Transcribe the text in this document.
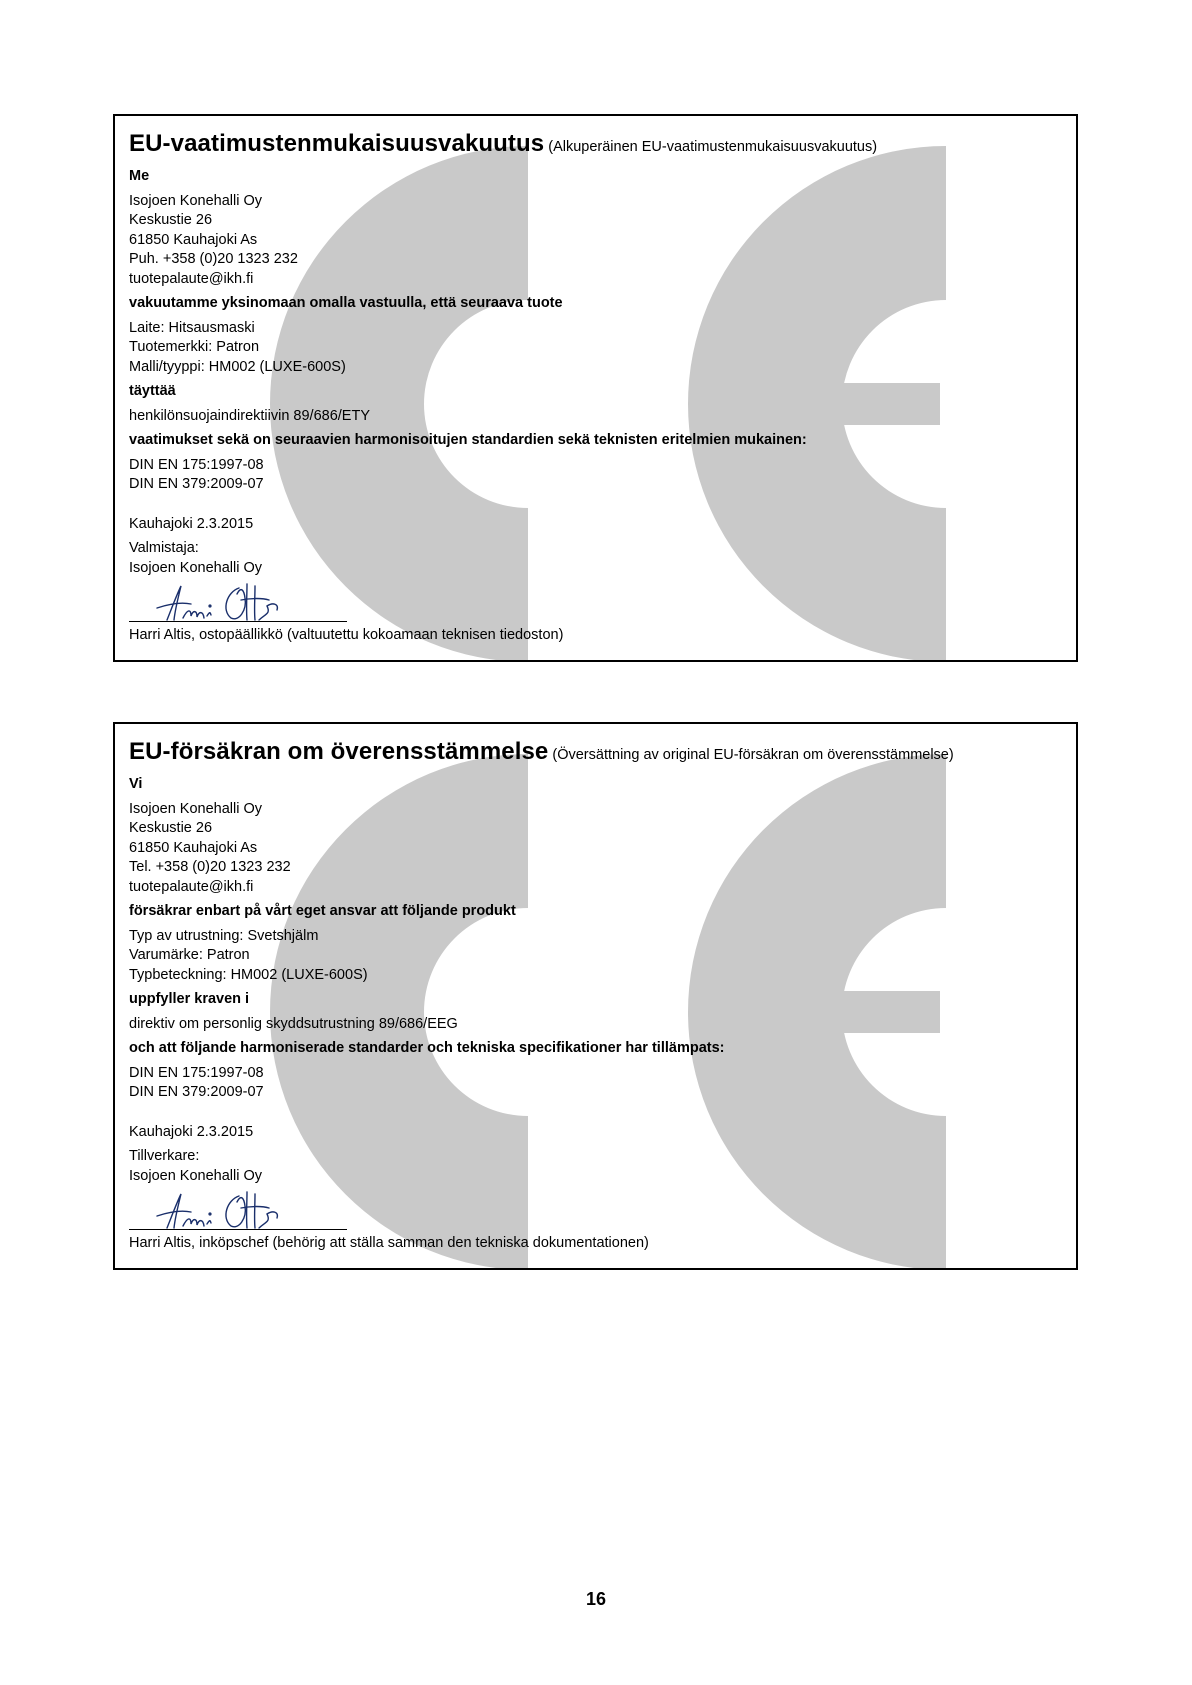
EU-vaatimustenmukaisuusvakuutus (Alkuperäinen EU-vaatimustenmukaisuusvakuutus)
Me
Isojoen Konehalli Oy
Keskustie 26
61850 Kauhajoki As
Puh. +358 (0)20 1323 232
tuotepalaute@ikh.fi
vakuutamme yksinomaan omalla vastuulla, että seuraava tuote
Laite: Hitsausmaski
Tuotemerkki: Patron
Malli/tyyppi: HM002 (LUXE-600S)
täyttää
henkilönsuojaindirektiivin 89/686/ETY
vaatimukset sekä on seuraavien harmonisoitujen standardien sekä teknisten eritelmien mukainen:
DIN EN 175:1997-08
DIN EN 379:2009-07
Kauhajoki 2.3.2015
Valmistaja:
Isojoen Konehalli Oy
Harri Altis, ostopäällikkö (valtuutettu kokoamaan teknisen tiedoston)
EU-försäkran om överensstämmelse (Översättning av original EU-försäkran om överensstämmelse)
Vi
Isojoen Konehalli Oy
Keskustie 26
61850 Kauhajoki As
Tel. +358 (0)20 1323 232
tuotepalaute@ikh.fi
försäkrar enbart på vårt eget ansvar att följande produkt
Typ av utrustning: Svetshjälm
Varumärke: Patron
Typbeteckning: HM002 (LUXE-600S)
uppfyller kraven i
direktiv om personlig skyddsutrustning 89/686/EEG
och att följande harmoniserade standarder och tekniska specifikationer har tillämpats:
DIN EN 175:1997-08
DIN EN 379:2009-07
Kauhajoki 2.3.2015
Tillverkare:
Isojoen Konehalli Oy
Harri Altis, inköpschef (behörig att ställa samman den tekniska dokumentationen)
16
